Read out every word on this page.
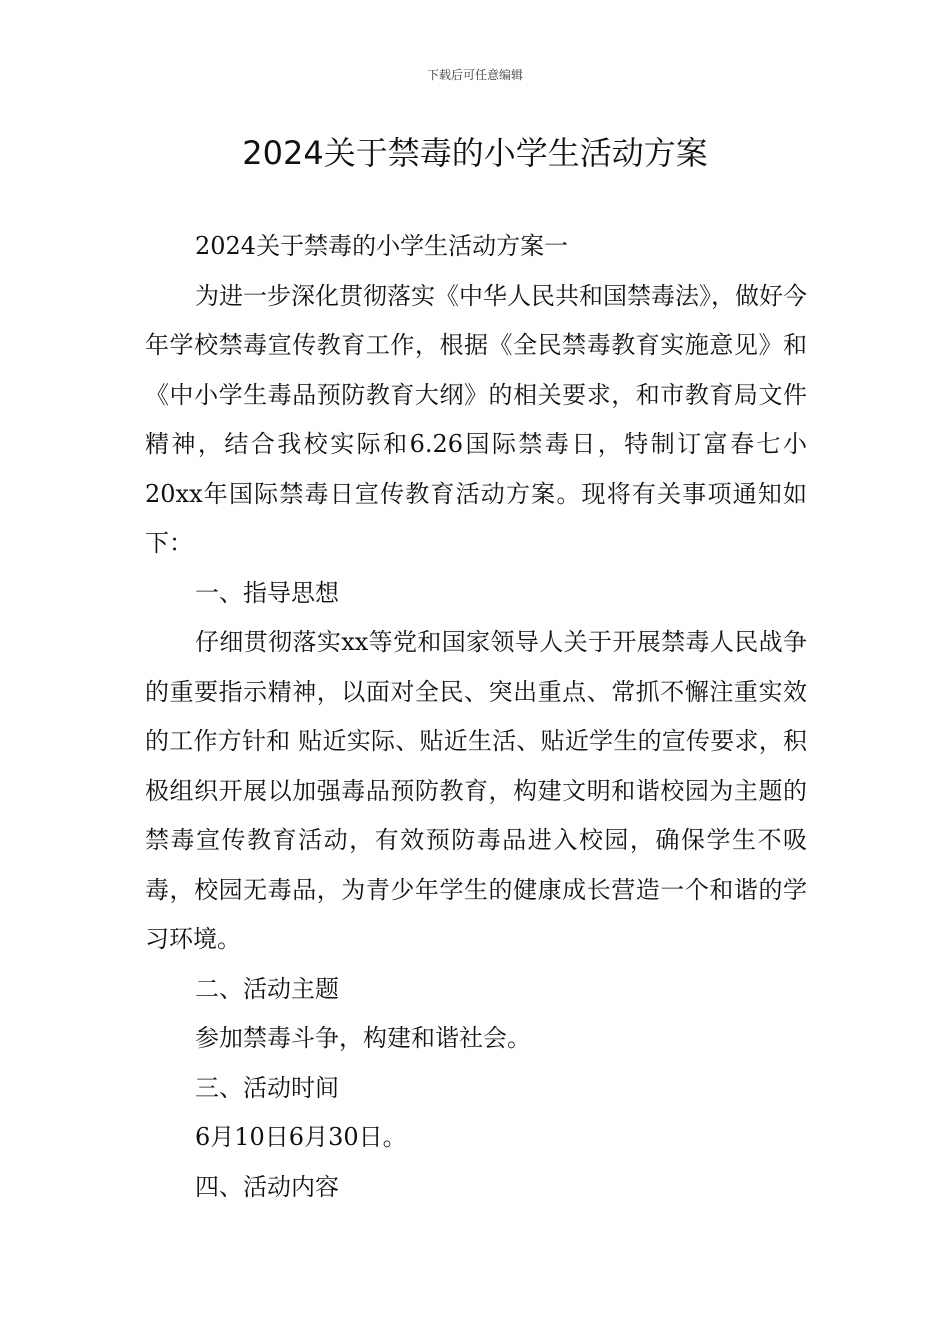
下载后可任意编辑
2024关于禁毒的小学生活动方案

2024关于禁毒的小学生活动方案一

为进一步深化贯彻落实《中华人民共和国禁毒法》，做好今年学校禁毒宣传教育工作，根据《全民禁毒教育实施意见》和《中小学生毒品预防教育大纲》的相关要求，和市教育局文件精神，结合我校实际和6.26国际禁毒日，特制订富春七小20xx年国际禁毒日宣传教育活动方案。现将有关事项通知如下：

一、指导思想

仔细贯彻落实xx等党和国家领导人关于开展禁毒人民战争的重要指示精神，以面对全民、突出重点、常抓不懈注重实效的工作方针和 贴近实际、贴近生活、贴近学生的宣传要求，积极组织开展以加强毒品预防教育，构建文明和谐校园为主题的禁毒宣传教育活动，有效预防毒品进入校园，确保学生不吸毒，校园无毒品，为青少年学生的健康成长营造一个和谐的学习环境。

二、活动主题

参加禁毒斗争，构建和谐社会。

三、活动时间

6月10日6月30日。

四、活动内容
